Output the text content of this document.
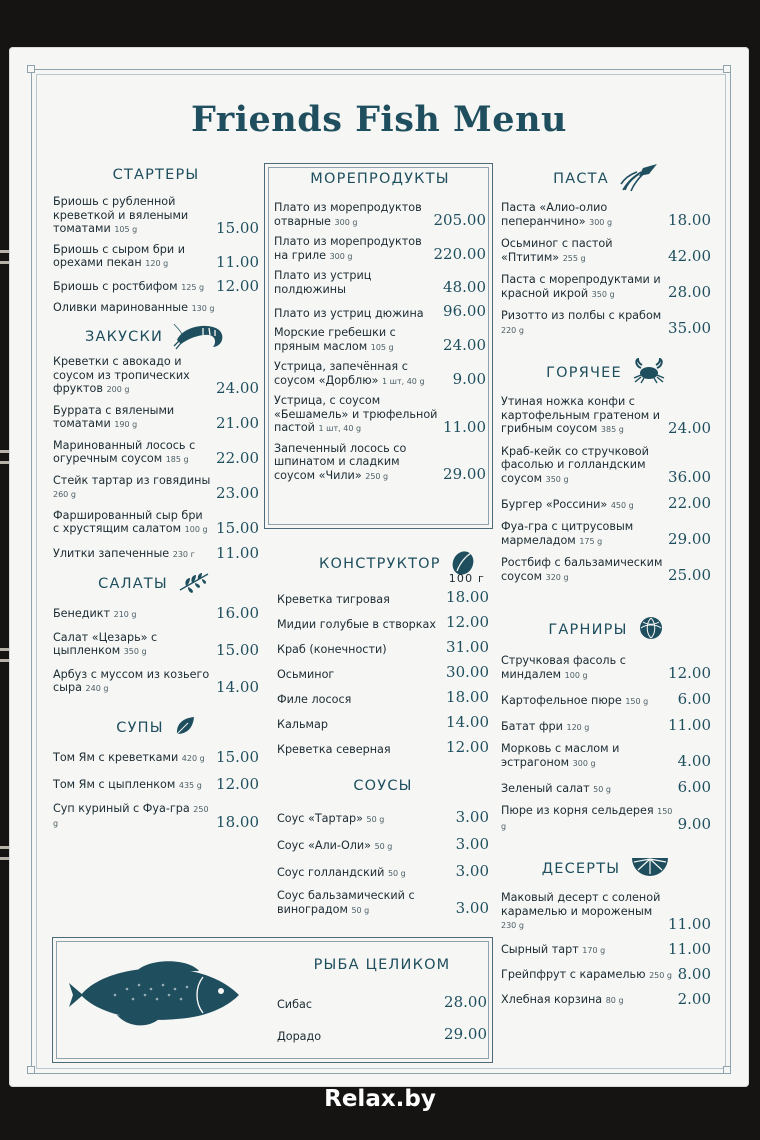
Friends Fish Menu
СТАРТЕРЫ
Бриошь с рубленной креветкой и вялеными томатами 105 g	15.00
Бриошь с сыром бри и орехами пекан 120 g	11.00
Бриошь с ростбифом 125 g 12.00
Оливки маринованные 130 g
ЗАКУСКИ
Креветки с авокадо и соусом из тропических фруктов 200 g	24.00
Буррата с вялеными томатами 190 g	21.00
Маринованный лосось с огуречным соусом 185 g	22.00
Стейк тартар из говядины 260 g	23.00
Фаршированный сыр бри с хрустящим салатом 100 g 15.00
Улитки запеченные 230 г 11.00
САЛАТЫ
Бенедикт 210 g	16.00
Салат «Цезарь» с цыпленком 350 g	15.00
Арбуз с муссом из козьего сыра 240 g	14.00
СУПЫ
Том Ям с креветками 420 g 15.00
Том Ям с цыпленком 435 g 12.00
Суп куриный с Фуа-гра 250 g	18.00
МОРЕПРОДУКТЫ
Плато из морепродуктов отварные 300 g	205.00
Плато из морепродуктов на гриле 300 g	220.00
Плато из устриц полдюжины	48.00
Плато из устриц дюжина 96.00
Морские гребешки с пряным маслом 105 g	24.00
Устрица, запечённая с соусом «Дорблю» 1 шт, 40 g	9.00
Устрица, с соусом «Бешамель» и трюфельной пастой 1 шт, 40 g	11.00
Запеченный лосось со шпинатом и сладким соусом «Чили» 250 g	29.00
КОНСТРУКТОР
100 г
Креветка тигровая	18.00
Мидии голубые в створках 12.00
Краб (конечности)	31.00
Осьминог	30.00
Филе лосося	18.00
Кальмар	14.00
Креветка северная	12.00
СОУСЫ
Соус «Тартар» 50 g	3.00
Соус «Али-Оли» 50 g	3.00
Соус голландский 50 g	3.00
Соус бальзамический с виноградом 50 g	3.00
РЫБА ЦЕЛИКОМ
Сибас	28.00
Дорадо	29.00
ПАСТА
Паста «Алио-олио пеперанчино» 300 g	18.00
Осьминог с пастой «Птитим» 255 g	42.00
Паста с морепродуктами и красной икрой 350 g	28.00
Ризотто из полбы с крабом 220 g	35.00
ГОРЯЧЕЕ
Утиная ножка конфи с картофельным гратеном и грибным соусом 385 g	24.00
Краб-кейк со стручковой фасолью и голландским соусом 350 g	36.00
Бургер «Россини» 450 g 22.00
Фуа-гра с цитрусовым мармеладом 175 g	29.00
Ростбиф с бальзамическим соусом 320 g	25.00
ГАРНИРЫ
Стручковая фасоль с миндалем 100 g	12.00
Картофельное пюре 150 g 6.00
Батат фри 120 g	11.00
Морковь с маслом и эстрагоном 300 g	4.00
Зеленый салат 50 g	6.00
Пюре из корня сельдерея 150 g	9.00
ДЕСЕРТЫ
Маковый десерт с соленой карамелью и мороженым 230 g	11.00
Сырный тарт 170 g	11.00
Грейпфрут с карамелью 250 g 8.00
Хлебная корзина 80 g	2.00
Relax.by
